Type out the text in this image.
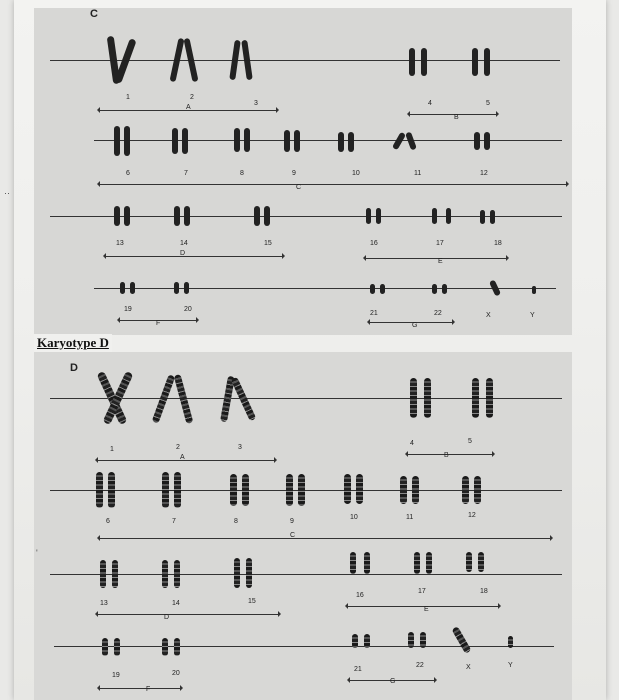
C
1	2
3	4	5
A
B
6	7	8	9	10	11	12
C
13	14	15	16	17	18
D
E
19	20
21	22	X	Y
F	G
‥
Karyotype D
D
1	2	3
4	5
A	B
6	7	8	9
10	11	12
C
13	14	15
16
17	18
D
E
19	20
21
22	X	Y
F
G
ʹ
